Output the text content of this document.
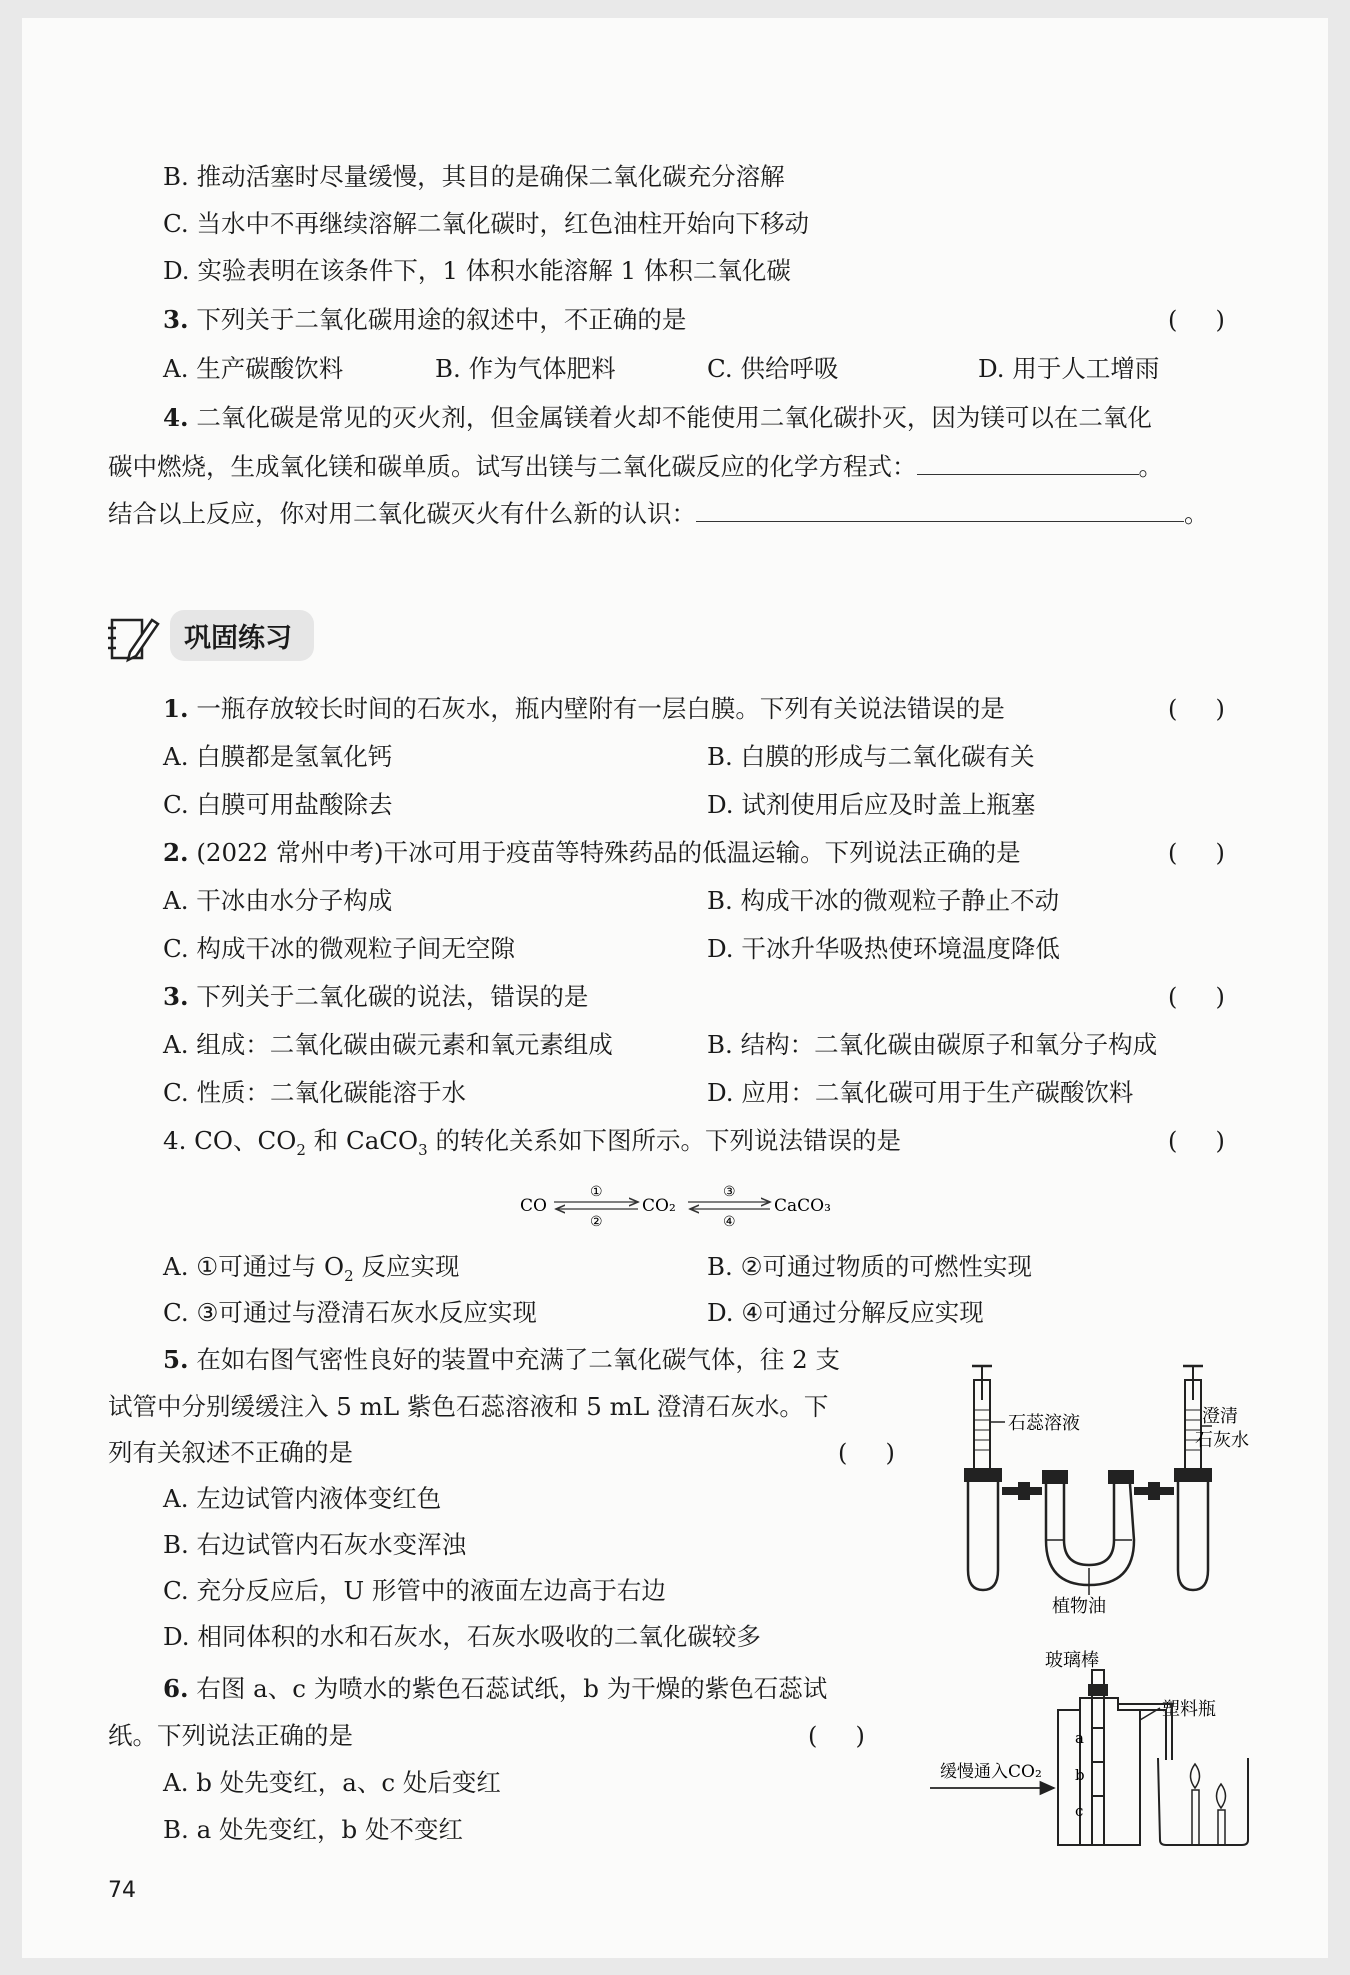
B. 推动活塞时尽量缓慢，其目的是确保二氧化碳充分溶解
C. 当水中不再继续溶解二氧化碳时，红色油柱开始向下移动
D. 实验表明在该条件下，1 体积水能溶解 1 体积二氧化碳
3. 下列关于二氧化碳用途的叙述中，不正确的是	(     )
A. 生产碳酸饮料	B. 作为气体肥料	C. 供给呼吸	D. 用于人工增雨
4. 二氧化碳是常见的灭火剂，但金属镁着火却不能使用二氧化碳扑灭，因为镁可以在二氧化
碳中燃烧，生成氧化镁和碳单质。试写出镁与二氧化碳反应的化学方程式：	。
结合以上反应，你对用二氧化碳灭火有什么新的认识：	。
巩固练习
1. 一瓶存放较长时间的石灰水，瓶内壁附有一层白膜。下列有关说法错误的是	(     )
A. 白膜都是氢氧化钙	B. 白膜的形成与二氧化碳有关
C. 白膜可用盐酸除去	D. 试剂使用后应及时盖上瓶塞
2. (2022 常州中考)干冰可用于疫苗等特殊药品的低温运输。下列说法正确的是	(     )
A. 干冰由水分子构成	B. 构成干冰的微观粒子静止不动
C. 构成干冰的微观粒子间无空隙	D. 干冰升华吸热使环境温度降低
3. 下列关于二氧化碳的说法，错误的是	(     )
A. 组成：二氧化碳由碳元素和氧元素组成	B. 结构：二氧化碳由碳原子和氧分子构成
C. 性质：二氧化碳能溶于水	D. 应用：二氧化碳可用于生产碳酸饮料
4. CO、$CO_2$ 和 CaCO$_3$ 的转化关系如下图所示。下列说法错误的是	(     )
CO
①
②
CO₂
③
④
CaCO₃
A. ①可通过与 $O_2$ 反应实现	B. ②可通过物质的可燃性实现
C. ③可通过与澄清石灰水反应实现	D. ④可通过分解反应实现
5. 在如右图气密性良好的装置中充满了二氧化碳气体，往 2 支
试管中分别缓缓注入 5 mL 紫色石蕊溶液和 5 mL 澄清石灰水。下
列有关叙述不正确的是	(     )
A. 左边试管内液体变红色
B. 右边试管内石灰水变浑浊
C. 充分反应后，U 形管中的液面左边高于右边
D. 相同体积的水和石灰水，石灰水吸收的二氧化碳较多
石蕊溶液
植物油
澄清
石灰水
6. 右图 a、c 为喷水的紫色石蕊试纸，b 为干燥的紫色石蕊试
纸。下列说法正确的是	(     )
A. b 处先变红，a、c 处后变红
B. a 处先变红，b 处不变红
玻璃棒
a
b
c
塑料瓶
缓慢通入CO₂
74
